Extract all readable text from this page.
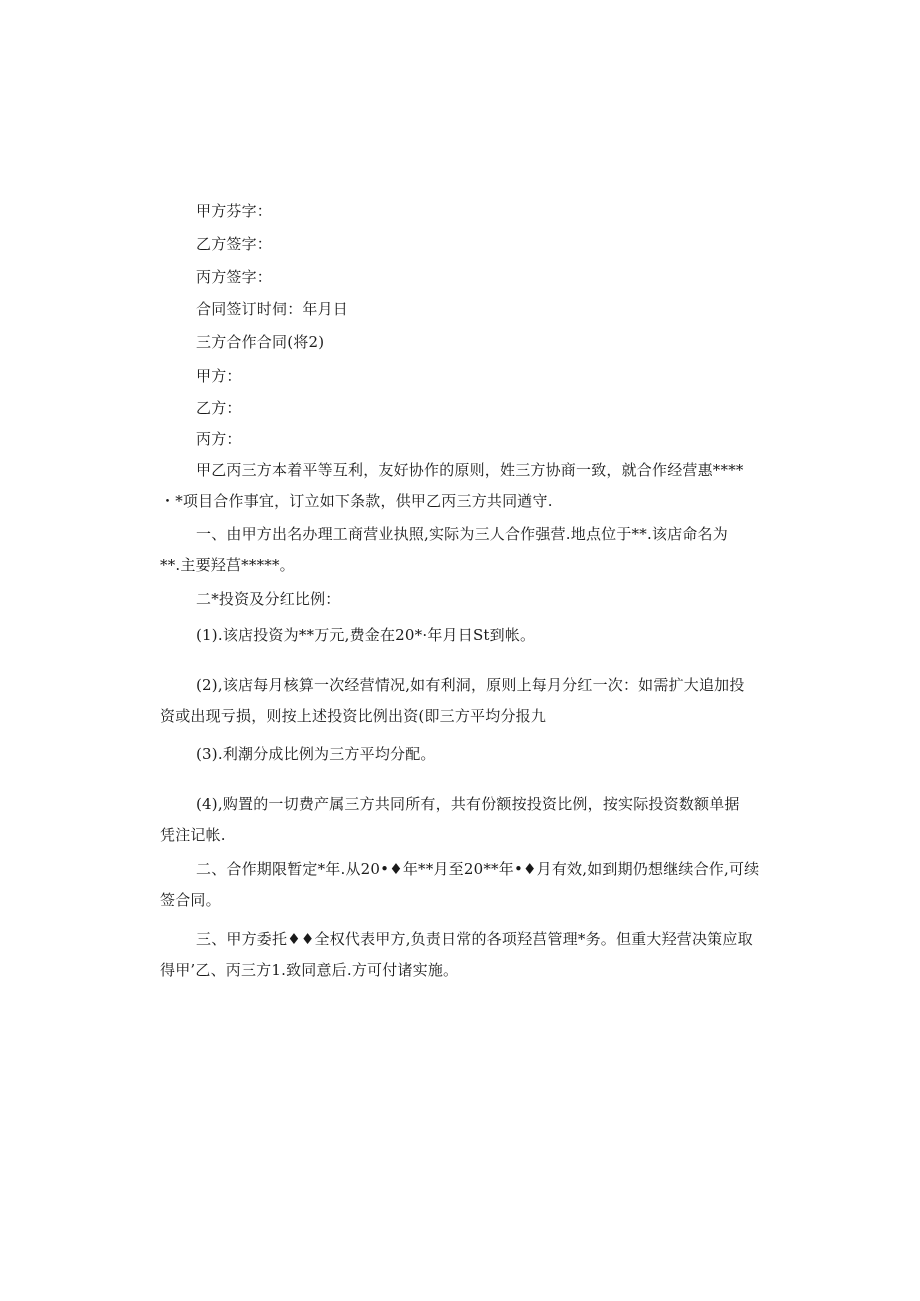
甲方芬字：
乙方签字：
丙方签字：
合同签订时伺：年月日
三方合作合同(将2)
甲方：
乙方：
丙方：
甲乙丙三方本着平等互利，友好协作的原则，姓三方协商一致，就合作经营惠****
・*项目合作事宜，订立如下条款，供甲乙丙三方共同遒守.
一、由甲方出名办理工商营业执照,实际为三人合作强营.地点位于**.该店命名为
**.主要羟莒*****。
二*投资及分红比例：
(1).该店投资为**万元,费金在20*·年月日St到帐。
(2),该店每月核算一次经营情况,如有利洞，原则上每月分红一次：如需扩大追加投
资或出现亏损，则按上述投资比例出资(即三方平均分报九
(3).利潮分成比例为三方平均分配。
(4),购置的一切费产属三方共同所有，共有份额按投资比例，按实际投资数额单据
凭注记帐.
二、合作期限暂定*年.从20•♦年**月至20**年•♦月有效,如到期仍想继续合作,可续
签合同。
三、甲方委托♦♦全权代表甲方,负责日常的各项羟莒管理*务。但重大羟营决策应取
得甲’乙、丙三方1.致同意后.方可付诸实施。
